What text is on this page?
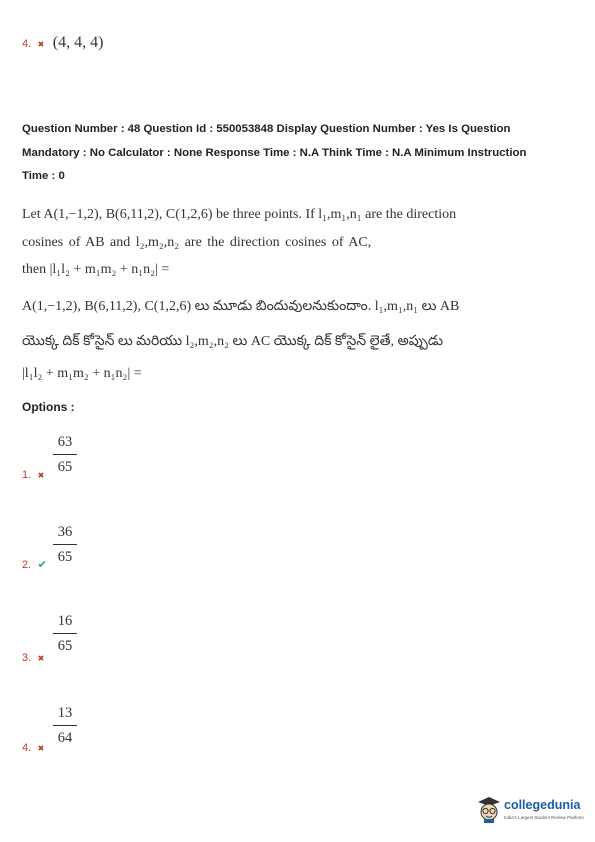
4. ✖ (4, 4, 4)
Question Number : 48 Question Id : 550053848 Display Question Number : Yes Is Question
Mandatory : No Calculator : None Response Time : N.A Think Time : N.A Minimum Instruction
Time : 0
Let A(1,−1,2), B(6,11,2), C(1,2,6) be three points. If l₁,m₁,n₁ are the direction
cosines of AB and l₂,m₂,n₂ are the direction cosines of AC,
then |l₁l₂ + m₁m₂ + n₁n₂| =
A(1,−1,2), B(6,11,2), C(1,2,6) లు మూడు బిందువులనుకుందాం. l₁,m₁,n₁ లు AB
యొక్క దిక్ కోసైన్ లు మరియు l₂,m₂,n₂ లు AC యొక్క దిక్ కోసైన్ లైతే, అప్పుడు
|l₁l₂ + m₁m₂ + n₁n₂| =
Options :
1. ✖
63
65
2. ✔
36
65
3. ✖
16
65
4. ✖
13
64
collegedunia
India's Largest Student Review Platform
